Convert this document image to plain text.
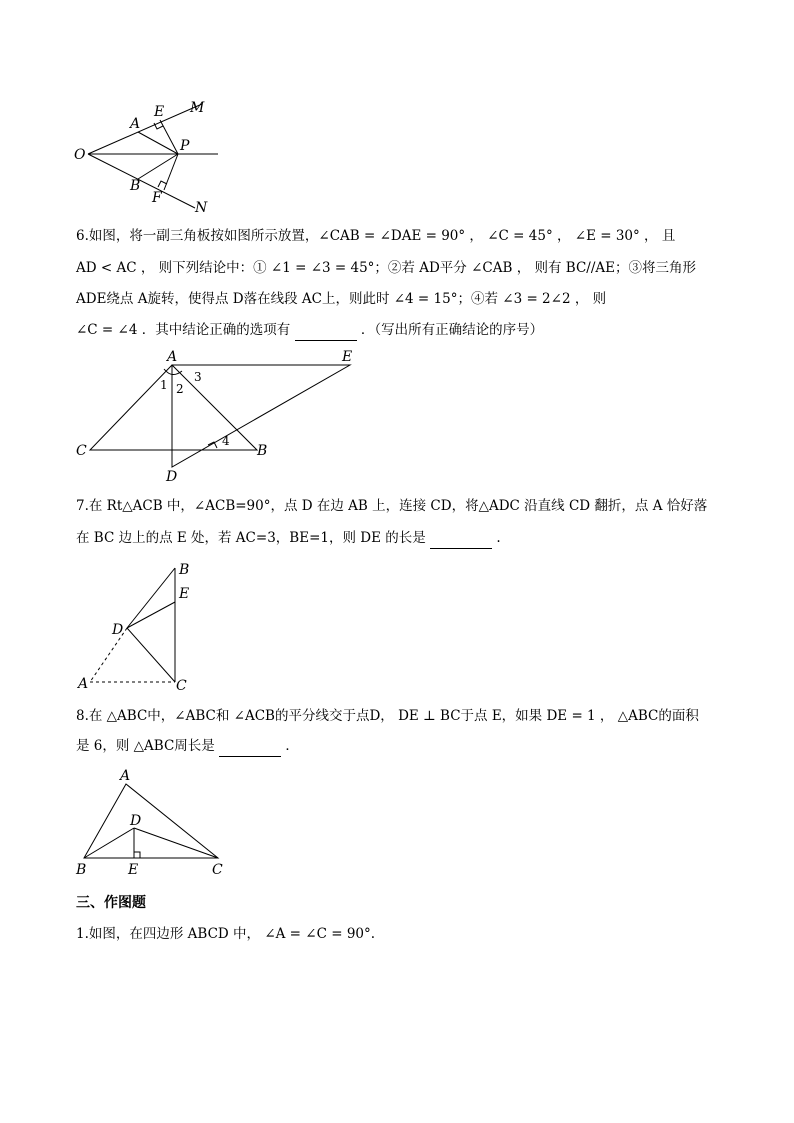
O
A
E M
P
B
F
N
6.如图，将一副三角板按如图所示放置，∠CAB = ∠DAE = 90° ， ∠C = 45° ， ∠E = 30° ， 且
AD < AC ， 则下列结论中：① ∠1 = ∠3 = 45°；②若 AD平分 ∠CAB ， 则有 BC//AE；③将三角形
ADE绕点 A旋转，使得点 D落在线段 AC上，则此时 ∠4 = 15°；④若 ∠3 = 2∠2 ， 则
∠C = ∠4 ．其中结论正确的选项有	．（写出所有正确结论的序号）
A	E
C	B
D
1 2
3
4
7.在 Rt△ACB 中，∠ACB=90°，点 D 在边 AB 上，连接 CD，将△ADC 沿直线 CD 翻折，点 A 恰好落
在 BC 边上的点 E 处，若 AC=3，BE=1，则 DE 的长是	.
B
E
D
A	C
8.在 △ABC中，∠ABC和 ∠ACB的平分线交于点D， DE ⊥ BC于点 E，如果 DE = 1 ， △ABC的面积
是 6，则 △ABC周长是	．
A
D
B	E	C
三、作图题
1.如图，在四边形 ABCD 中， ∠A = ∠C = 90°.
